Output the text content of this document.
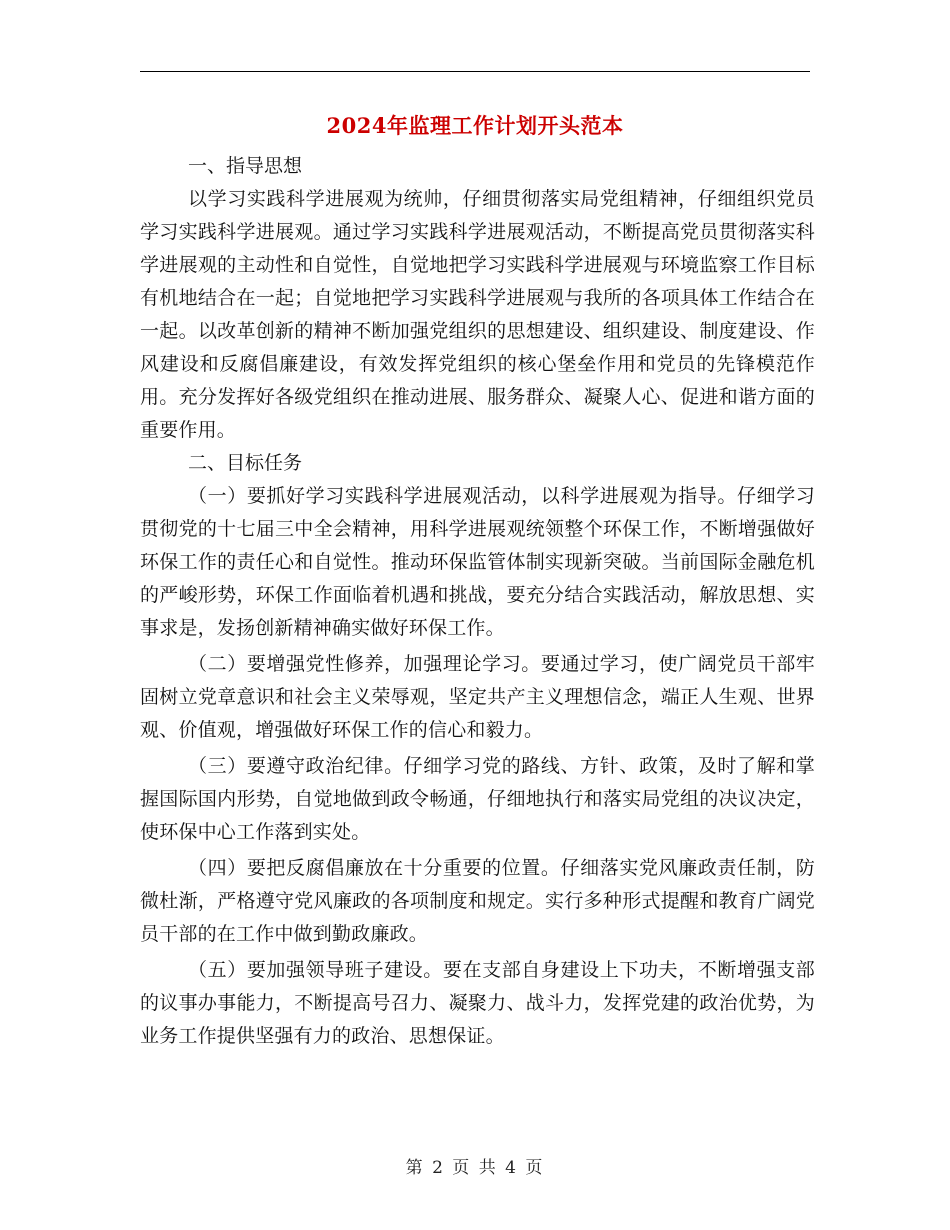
2024年监理工作计划开头范本

一、指导思想

以学习实践科学进展观为统帅，仔细贯彻落实局党组精神，仔细组织党员学习实践科学进展观。通过学习实践科学进展观活动，不断提高党员贯彻落实科学进展观的主动性和自觉性，自觉地把学习实践科学进展观与环境监察工作目标有机地结合在一起；自觉地把学习实践科学进展观与我所的各项具体工作结合在一起。以改革创新的精神不断加强党组织的思想建设、组织建设、制度建设、作风建设和反腐倡廉建设，有效发挥党组织的核心堡垒作用和党员的先锋模范作用。充分发挥好各级党组织在推动进展、服务群众、凝聚人心、促进和谐方面的重要作用。

二、目标任务

（一）要抓好学习实践科学进展观活动，以科学进展观为指导。仔细学习贯彻党的十七届三中全会精神，用科学进展观统领整个环保工作，不断增强做好环保工作的责任心和自觉性。推动环保监管体制实现新突破。当前国际金融危机的严峻形势，环保工作面临着机遇和挑战，要充分结合实践活动，解放思想、实事求是，发扬创新精神确实做好环保工作。

（二）要增强党性修养，加强理论学习。要通过学习，使广阔党员干部牢固树立党章意识和社会主义荣辱观，坚定共产主义理想信念，端正人生观、世界观、价值观，增强做好环保工作的信心和毅力。

（三）要遵守政治纪律。仔细学习党的路线、方针、政策，及时了解和掌握国际国内形势，自觉地做到政令畅通，仔细地执行和落实局党组的决议决定，使环保中心工作落到实处。

（四）要把反腐倡廉放在十分重要的位置。仔细落实党风廉政责任制，防微杜渐，严格遵守党风廉政的各项制度和规定。实行多种形式提醒和教育广阔党员干部的在工作中做到勤政廉政。

（五）要加强领导班子建设。要在支部自身建设上下功夫，不断增强支部的议事办事能力，不断提高号召力、凝聚力、战斗力，发挥党建的政治优势，为业务工作提供坚强有力的政治、思想保证。

第 2 页 共 4 页
